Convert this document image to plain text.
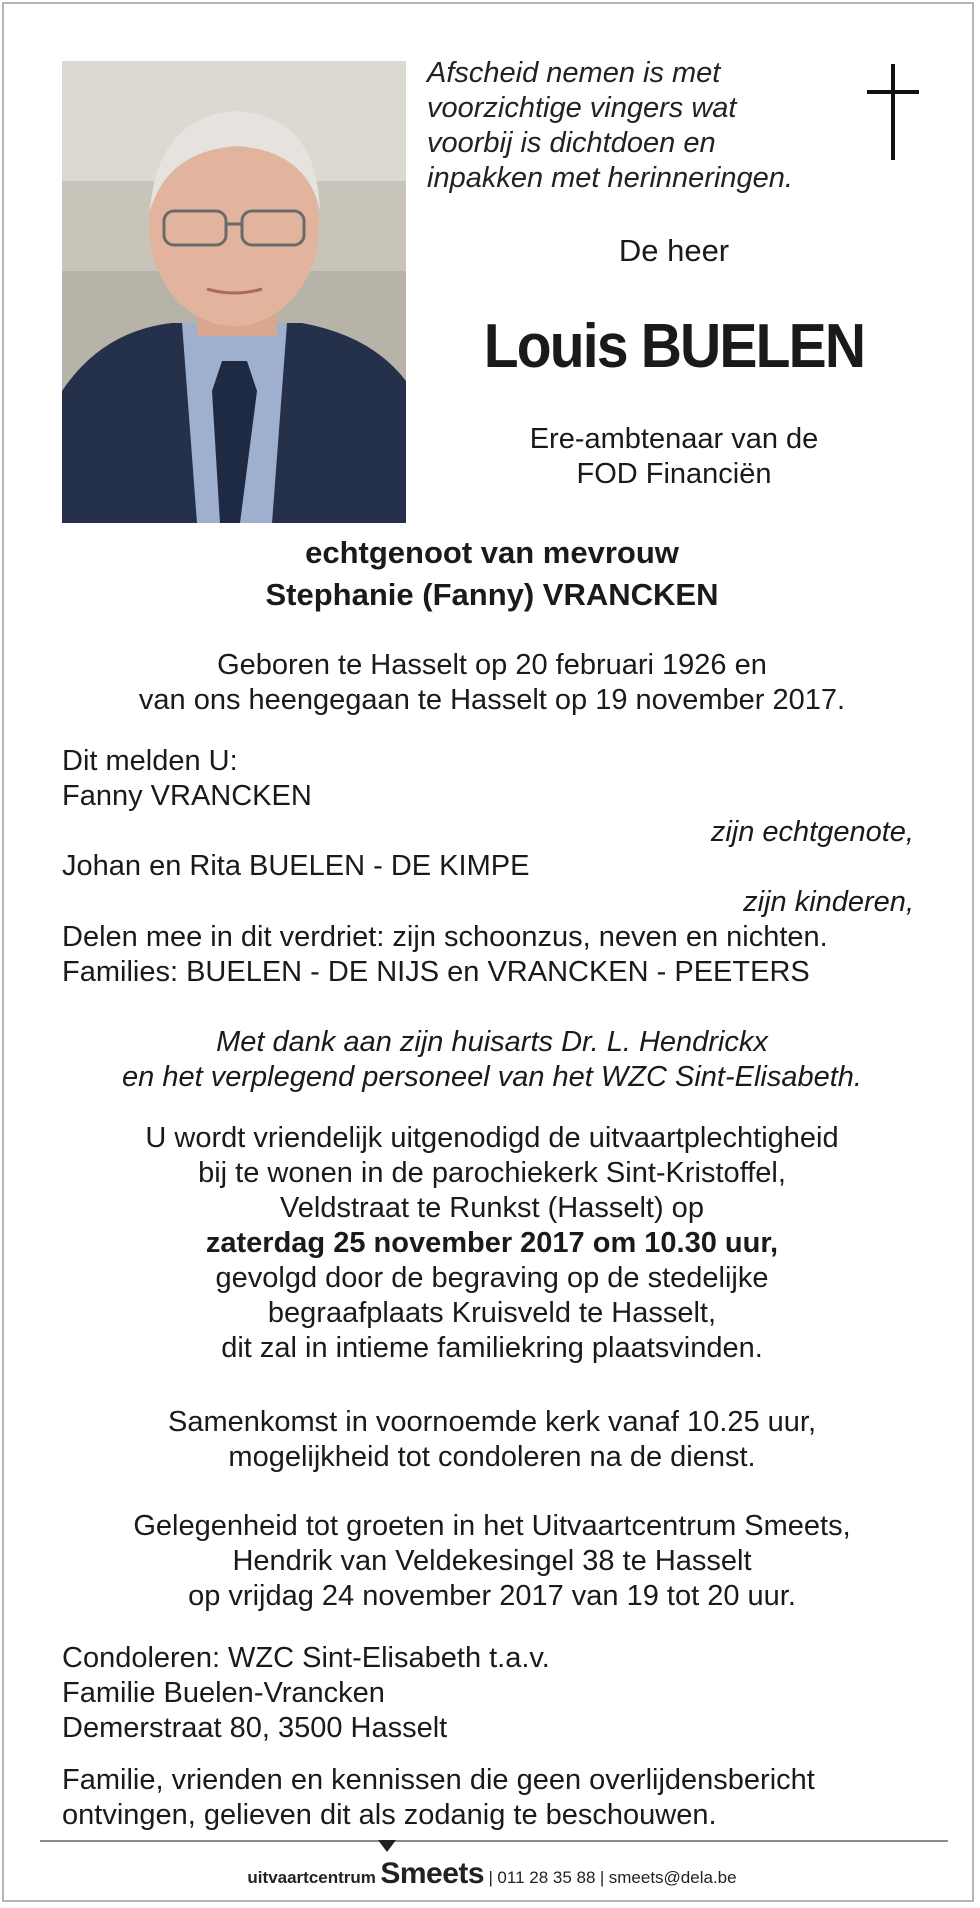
Afscheid nemen is met
voorzichtige vingers wat
voorbij is dichtdoen en
inpakken met herinneringen.
De heer
Louis BUELEN
Ere-ambtenaar van de
FOD Financiën
echtgenoot van mevrouw
Stephanie (Fanny) VRANCKEN
Geboren te Hasselt op 20 februari 1926 en
van ons heengegaan te Hasselt op 19 november 2017.
Dit melden U:
Fanny VRANCKEN
zijn echtgenote,
Johan en Rita BUELEN - DE KIMPE
zijn kinderen,
Delen mee in dit verdriet: zijn schoonzus, neven en nichten.
Families: BUELEN - DE NIJS en VRANCKEN - PEETERS
Met dank aan zijn huisarts Dr. L. Hendrickx
en het verplegend personeel van het WZC Sint-Elisabeth.
U wordt vriendelijk uitgenodigd de uitvaartplechtigheid
bij te wonen in de parochiekerk Sint-Kristoffel,
Veldstraat te Runkst (Hasselt) op
zaterdag 25 november 2017 om 10.30 uur,
gevolgd door de begraving op de stedelijke
begraafplaats Kruisveld te Hasselt,
dit zal in intieme familiekring plaatsvinden.
Samenkomst in voornoemde kerk vanaf 10.25 uur,
mogelijkheid tot condoleren na de dienst.
Gelegenheid tot groeten in het Uitvaartcentrum Smeets,
Hendrik van Veldekesingel 38 te Hasselt
op vrijdag 24 november 2017 van 19 tot 20 uur.
Condoleren: WZC Sint-Elisabeth t.a.v.
Familie Buelen-Vrancken
Demerstraat 80, 3500 Hasselt
Familie, vrienden en kennissen die geen overlijdensbericht
ontvingen, gelieven dit als zodanig te beschouwen.
uitvaartcentrum Smeets | 011 28 35 88 | smeets@dela.be
